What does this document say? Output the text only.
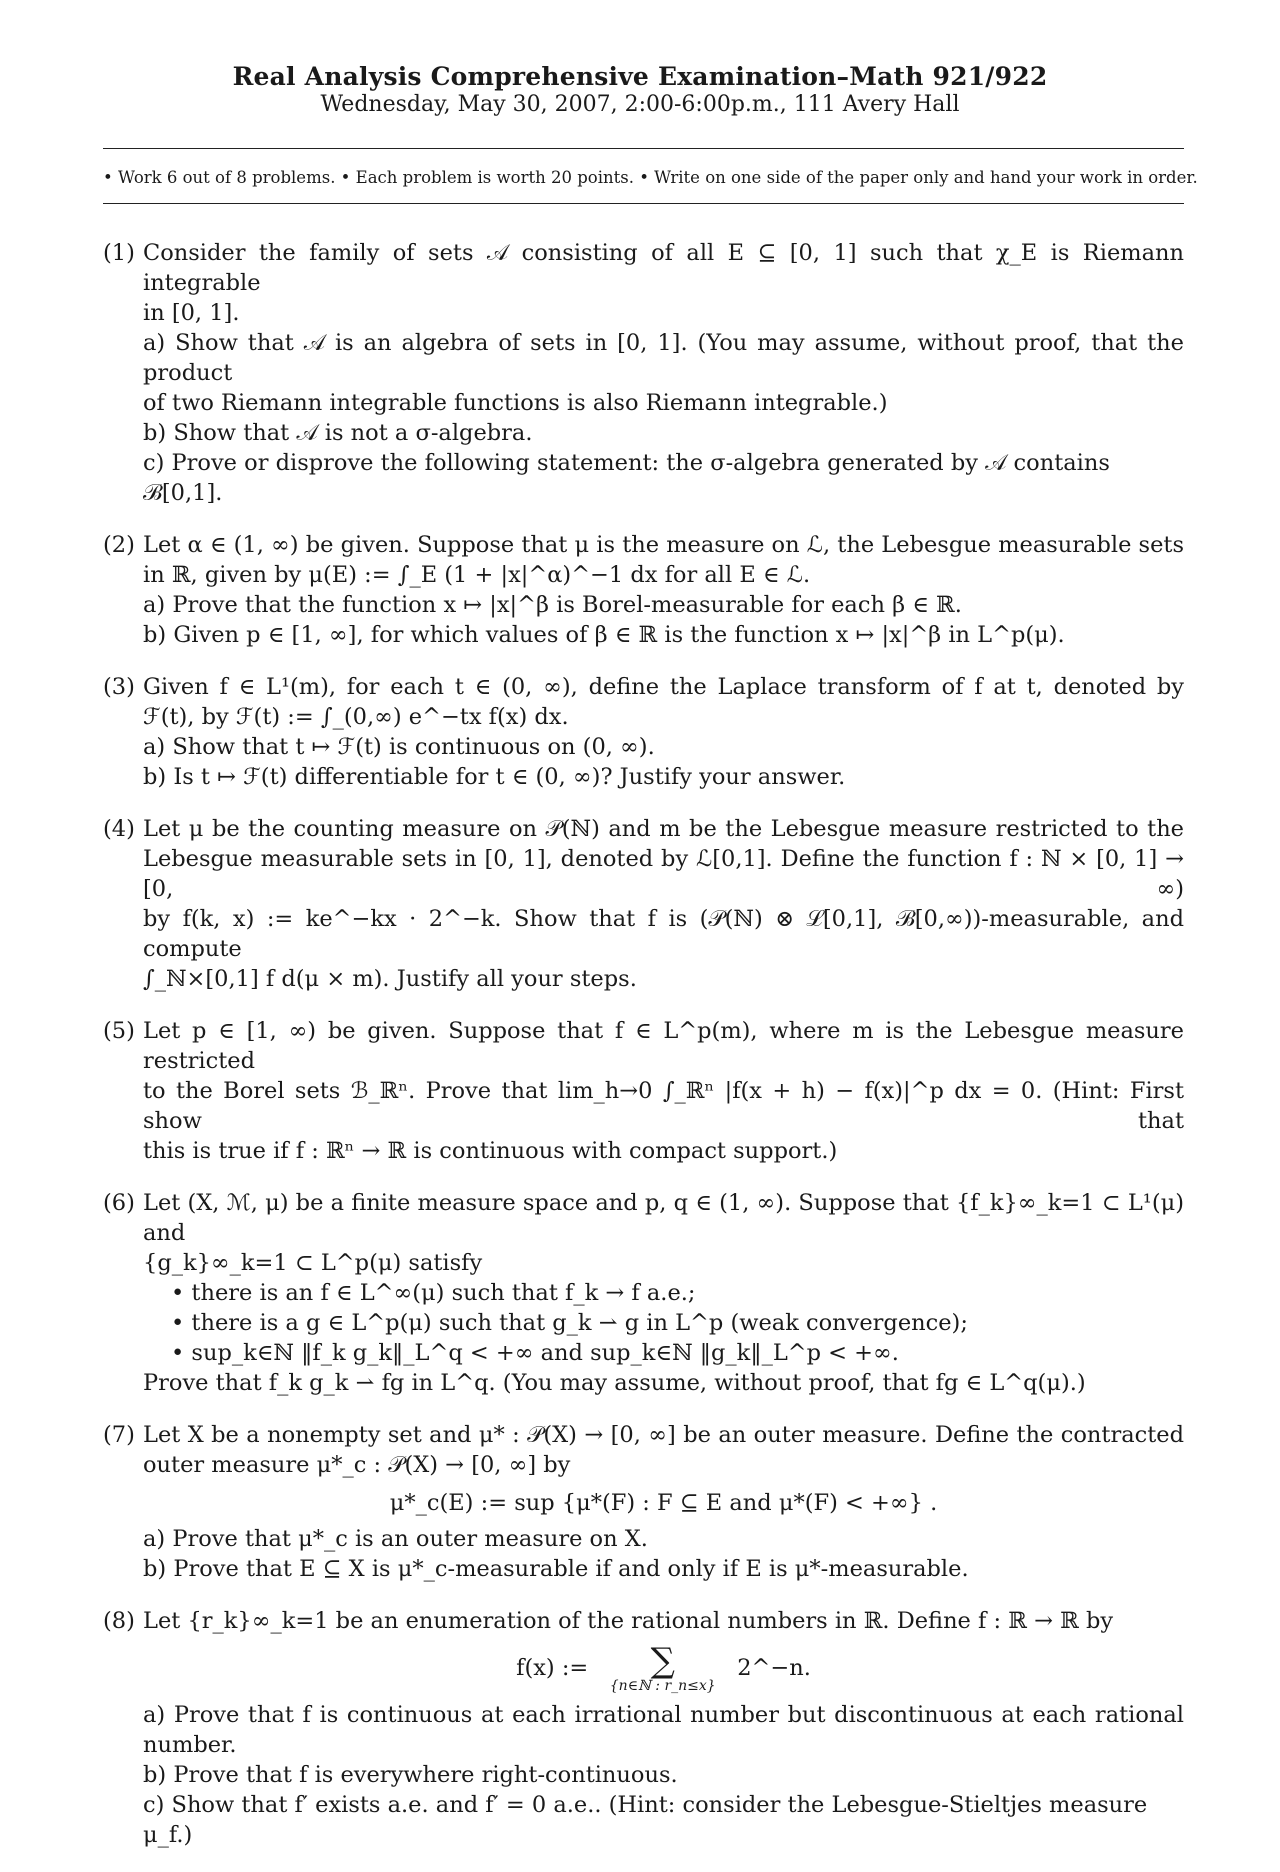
Real Analysis Comprehensive Examination–Math 921/922
Wednesday, May 30, 2007, 2:00-6:00p.m., 111 Avery Hall
• Work 6 out of 8 problems. • Each problem is worth 20 points. • Write on one side of the paper only and hand your work in order.
(1) Consider the family of sets 𝒜 consisting of all E ⊆ [0, 1] such that χ_E is Riemann integrable
in [0, 1].
a) Show that 𝒜 is an algebra of sets in [0, 1]. (You may assume, without proof, that the product
of two Riemann integrable functions is also Riemann integrable.)
b) Show that 𝒜 is not a σ-algebra.
c) Prove or disprove the following statement: the σ-algebra generated by 𝒜 contains ℬ[0,1].
(2) Let α ∈ (1, ∞) be given. Suppose that μ is the measure on ℒ, the Lebesgue measurable sets
in ℝ, given by μ(E) := ∫_E (1 + |x|^α)^−1 dx for all E ∈ ℒ.
a) Prove that the function x ↦ |x|^β is Borel-measurable for each β ∈ ℝ.
b) Given p ∈ [1, ∞], for which values of β ∈ ℝ is the function x ↦ |x|^β in L^p(μ).
(3) Given f ∈ L¹(m), for each t ∈ (0, ∞), define the Laplace transform of f at t, denoted by
ℱ(t), by ℱ(t) := ∫_(0,∞) e^−tx f(x) dx.
a) Show that t ↦ ℱ(t) is continuous on (0, ∞).
b) Is t ↦ ℱ(t) differentiable for t ∈ (0, ∞)? Justify your answer.
(4) Let μ be the counting measure on 𝒫(ℕ) and m be the Lebesgue measure restricted to the
Lebesgue measurable sets in [0, 1], denoted by ℒ[0,1]. Define the function f : ℕ × [0, 1] → [0, ∞)
by f(k, x) := ke^−kx · 2^−k. Show that f is (𝒫(ℕ) ⊗ ℒ[0,1], ℬ[0,∞))-measurable, and compute
∫_ℕ×[0,1] f d(μ × m). Justify all your steps.
(5) Let p ∈ [1, ∞) be given. Suppose that f ∈ L^p(m), where m is the Lebesgue measure restricted
to the Borel sets ℬ_ℝⁿ. Prove that lim_h→0 ∫_ℝⁿ |f(x + h) − f(x)|^p dx = 0. (Hint: First show that
this is true if f : ℝⁿ → ℝ is continuous with compact support.)
(6) Let (X, ℳ, μ) be a finite measure space and p, q ∈ (1, ∞). Suppose that {f_k}∞_k=1 ⊂ L¹(μ) and
{g_k}∞_k=1 ⊂ L^p(μ) satisfy
• there is an f ∈ L^∞(μ) such that f_k → f a.e.;
• there is a g ∈ L^p(μ) such that g_k ⇀ g in L^p (weak convergence);
• sup_k∈ℕ ‖f_k g_k‖_L^q < +∞ and sup_k∈ℕ ‖g_k‖_L^p < +∞.
Prove that f_k g_k ⇀ fg in L^q. (You may assume, without proof, that fg ∈ L^q(μ).)
(7) Let X be a nonempty set and μ* : 𝒫(X) → [0, ∞] be an outer measure. Define the contracted
outer measure μ*_c : 𝒫(X) → [0, ∞] by
μ*_c(E) := sup {μ*(F) : F ⊆ E and μ*(F) < +∞} .
a) Prove that μ*_c is an outer measure on X.
b) Prove that E ⊆ X is μ*_c-measurable if and only if E is μ*-measurable.
(8) Let {r_k}∞_k=1 be an enumeration of the rational numbers in ℝ. Define f : ℝ → ℝ by
f(x) :=	∑
{n∈ℕ : r_n≤x}
2^−n.
a) Prove that f is continuous at each irrational number but discontinuous at each rational
number.
b) Prove that f is everywhere right-continuous.
c) Show that f′ exists a.e. and f′ = 0 a.e.. (Hint: consider the Lebesgue-Stieltjes measure μ_f.)
